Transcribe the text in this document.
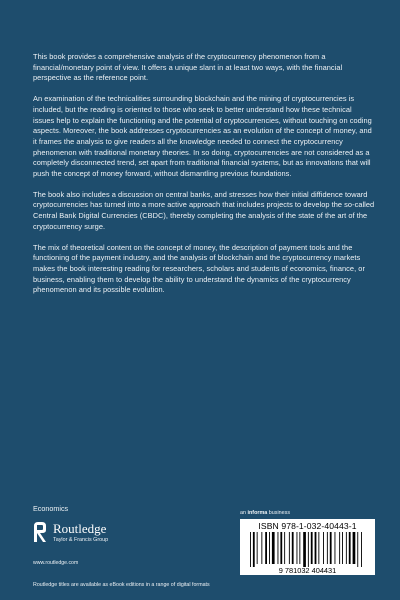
This book provides a comprehensive analysis of the cryptocurrency phenomenon from a financial/monetary point of view. It offers a unique slant in at least two ways, with the financial perspective as the reference point.

An examination of the technicalities surrounding blockchain and the mining of cryptocurrencies is included, but the reading is oriented to those who seek to better understand how these technical issues help to explain the functioning and the potential of cryptocurrencies, without touching on coding aspects. Moreover, the book addresses cryptocurrencies as an evolution of the concept of money, and it frames the analysis to give readers all the knowledge needed to connect the cryptocurrency phenomenon with traditional monetary theories. In so doing, cryptocurrencies are not considered as a completely disconnected trend, set apart from traditional financial systems, but as innovations that will push the concept of money forward, without dismantling previous foundations.

The book also includes a discussion on central banks, and stresses how their initial diffidence toward cryptocurrencies has turned into a more active approach that includes projects to develop the so-called Central Bank Digital Currencies (CBDC), thereby completing the analysis of the state of the art of the cryptocurrency surge.

The mix of theoretical content on the concept of money, the description of payment tools and the functioning of the payment industry, and the analysis of blockchain and the cryptocurrency markets makes the book interesting reading for researchers, scholars and students of economics, finance, or business, enabling them to develop the ability to understand the dynamics of the cryptocurrency phenomenon and its possible evolution.

Economics	an informa business
Routledge
Taylor & Francis Group
www.routledge.com
ISBN 978-1-032-40443-1
9 781032 404431
Routledge titles are available as eBook editions in a range of digital formats
